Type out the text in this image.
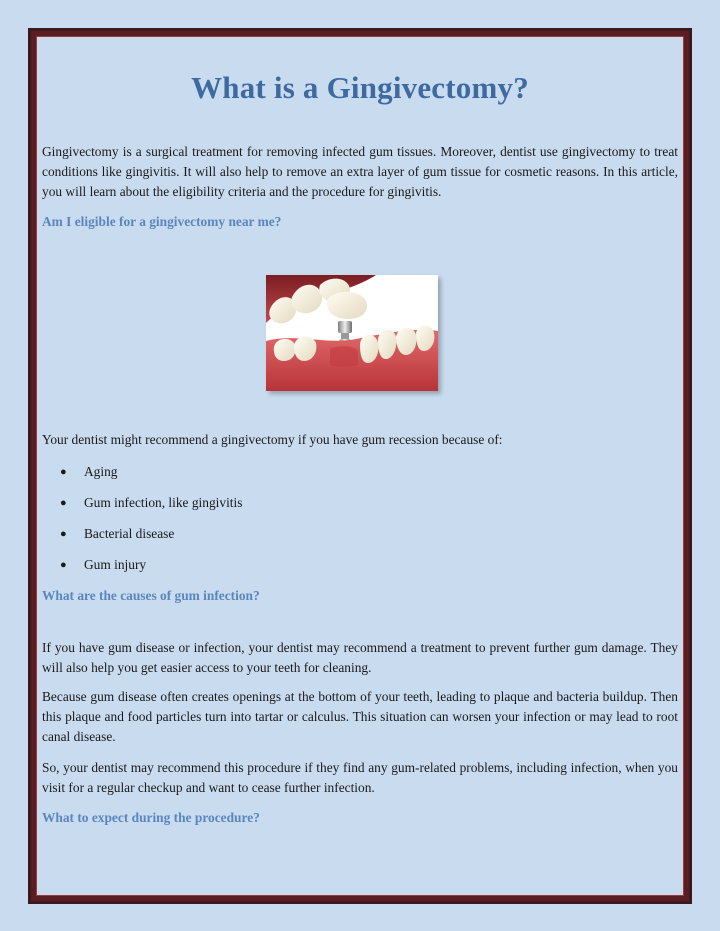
What is a Gingivectomy?

Gingivectomy is a surgical treatment for removing infected gum tissues. Moreover, dentist use gingivectomy to treat conditions like gingivitis. It will also help to remove an extra layer of gum tissue for cosmetic reasons. In this article, you will learn about the eligibility criteria and the procedure for gingivitis.

Am I eligible for a gingivectomy near me?

Your dentist might recommend a gingivectomy if you have gum recession because of:

●	Aging
●	Gum infection, like gingivitis
●	Bacterial disease
●	Gum injury
What are the causes of gum infection?

If you have gum disease or infection, your dentist may recommend a treatment to prevent further gum damage. They will also help you get easier access to your teeth for cleaning.

Because gum disease often creates openings at the bottom of your teeth, leading to plaque and bacteria buildup. Then this plaque and food particles turn into tartar or calculus. This situation can worsen your infection or may lead to root canal disease.

So, your dentist may recommend this procedure if they find any gum-related problems, including infection, when you visit for a regular checkup and want to cease further infection.

What to expect during the procedure?
